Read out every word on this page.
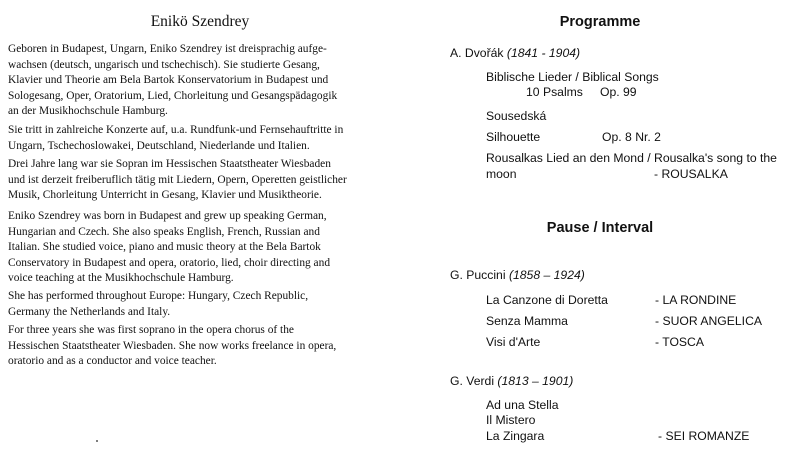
Enikö Szendrey

Geboren in Budapest, Ungarn, Eniko Szendrey ist dreisprachig aufge-
wachsen (deutsch, ungarisch und tschechisch). Sie studierte Gesang,
Klavier und Theorie am Bela Bartok Konservatorium in Budapest und
Sologesang, Oper, Oratorium, Lied, Chorleitung und Gesangspädagogik
an der Musikhochschule Hamburg.

Sie tritt in zahlreiche Konzerte auf, u.a. Rundfunk-und Fernsehauftritte in
Ungarn, Tschechoslowakei, Deutschland, Niederlande und Italien.

Drei Jahre lang war sie Sopran im Hessischen Staatstheater Wiesbaden
und ist derzeit freiberuflich tätig mit Liedern, Opern, Operetten geistlicher
Musik, Chorleitung Unterricht in Gesang, Klavier und Musiktheorie.

Eniko Szendrey was born in Budapest and grew up speaking German,
Hungarian and Czech. She also speaks English, French, Russian and
Italian. She studied voice, piano and music theory at the Bela Bartok
Conservatory in Budapest and opera, oratorio, lied, choir directing and
voice teaching at the Musikhochschule Hamburg.

She has performed throughout Europe: Hungary, Czech Republic,
Germany the Netherlands and Italy.

For three years she was first soprano in the opera chorus of the
Hessischen Staatstheater Wiesbaden. She now works freelance in opera,
oratorio and as a conductor and voice teacher.

Programme
A. Dvořák (1841 - 1904)
Biblische Lieder / Biblical Songs
10 Psalms Op. 99
Sousedská
Silhouette	Op. 8 Nr. 2
Rousalkas Lied an den Mond / Rousalka's song to the
moon	- ROUSALKA
Pause / Interval
G. Puccini (1858 – 1924)
La Canzone di Doretta	- LA RONDINE
Senza Mamma	- SUOR ANGELICA
Visi d'Arte	- TOSCA
G. Verdi (1813 – 1901)
Ad una Stella
Il Mistero
La Zingara	- SEI ROMANZE
